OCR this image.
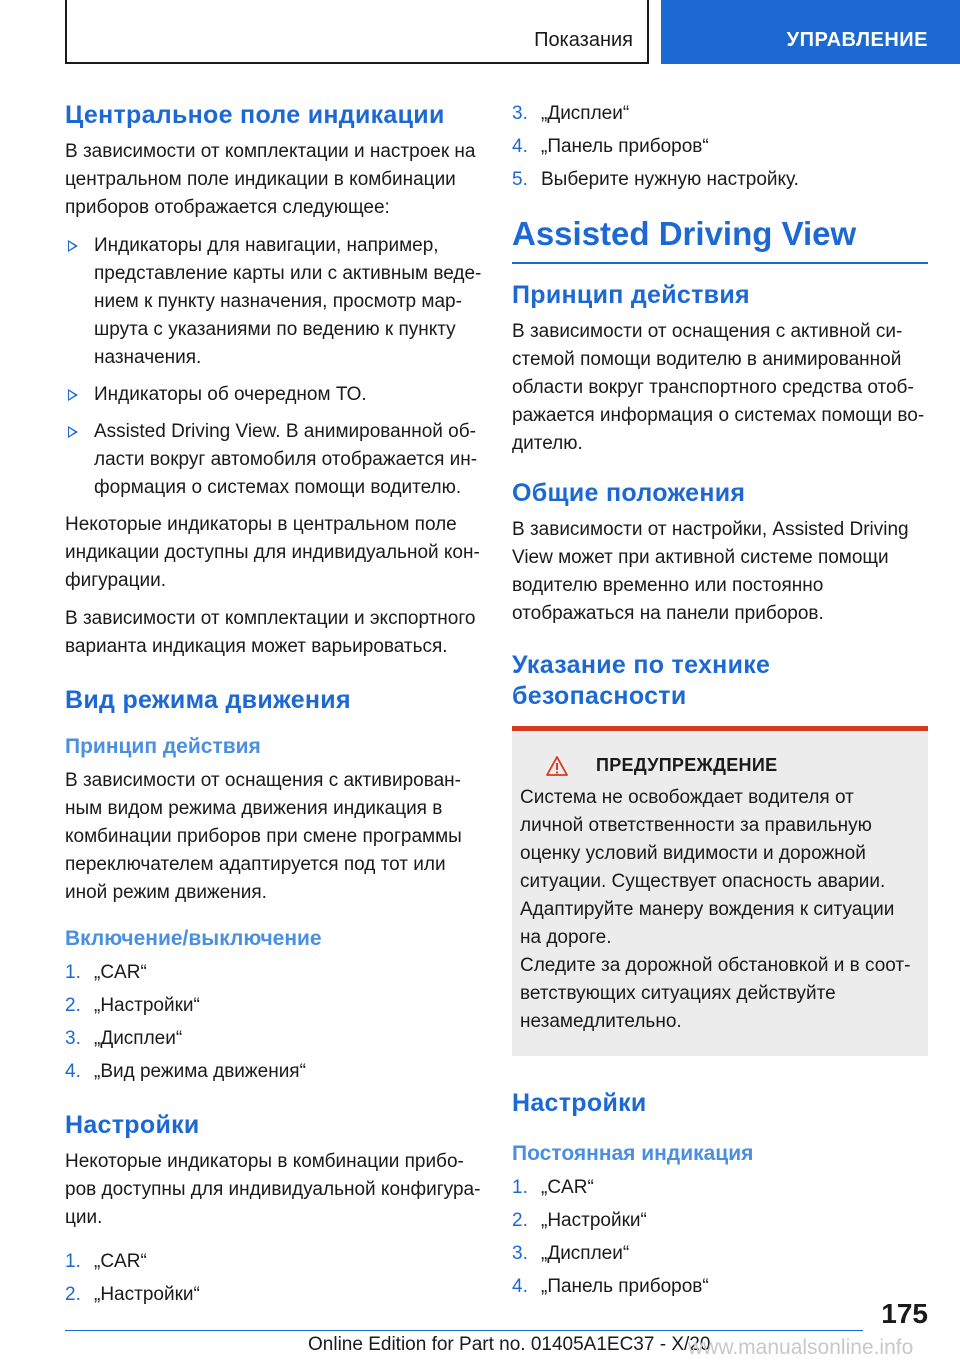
Показания	УПРАВЛЕНИЕ
Центральное поле индикации

В зависимости от комплектации и настроек на центральном поле индикации в комбинации приборов отображается следующее:

Индикаторы для навигации, например, представление карты или с активным ведением к пункту назначения, просмотр маршрута с указаниями по ведению к пункту назначения.
Индикаторы об очередном ТО.
Assisted Driving View. В анимированной области вокруг автомобиля отображается информация о системах помощи водителю.

Некоторые индикаторы в центральном поле индикации доступны для индивидуальной конфигурации.

В зависимости от комплектации и экспортного варианта индикация может варьироваться.

Вид режима движения
Принцип действия

В зависимости от оснащения с активированным видом режима движения индикация в комбинации приборов при смене программы переключателем адаптируется под тот или иной режим движения.

Включение/выключение
1. „CAR“
2. „Настройки“
3. „Дисплеи“
4. „Вид режима движения“
Настройки

Некоторые индикаторы в комбинации приборов доступны для индивидуальной конфигурации.

1. „CAR“
2. „Настройки“
3. „Дисплеи“
4. „Панель приборов“
5. Выберите нужную настройку.
Assisted Driving View
Принцип действия

В зависимости от оснащения с активной системой помощи водителю в анимированной области вокруг транспортного средства отображается информация о системах помощи водителю.

Общие положения

В зависимости от настройки, Assisted Driving View может при активной системе помощи водителю временно или постоянно отображаться на панели приборов.

Указание по технике безопасности
ПРЕДУПРЕЖДЕНИЕ

Система не освобождает водителя от личной ответственности за правильную оценку условий видимости и дорожной ситуации. Существует опасность аварии. Адаптируйте манеру вождения к ситуации на дороге.

Следите за дорожной обстановкой и в соответствующих ситуациях действуйте незамедлительно.

Настройки
Постоянная индикация
1. „CAR“
2. „Настройки“
3. „Дисплеи“
4. „Панель приборов“
175
Online Edition for Part no. 01405A1EC37 - X/20
www.manualsonline.info
